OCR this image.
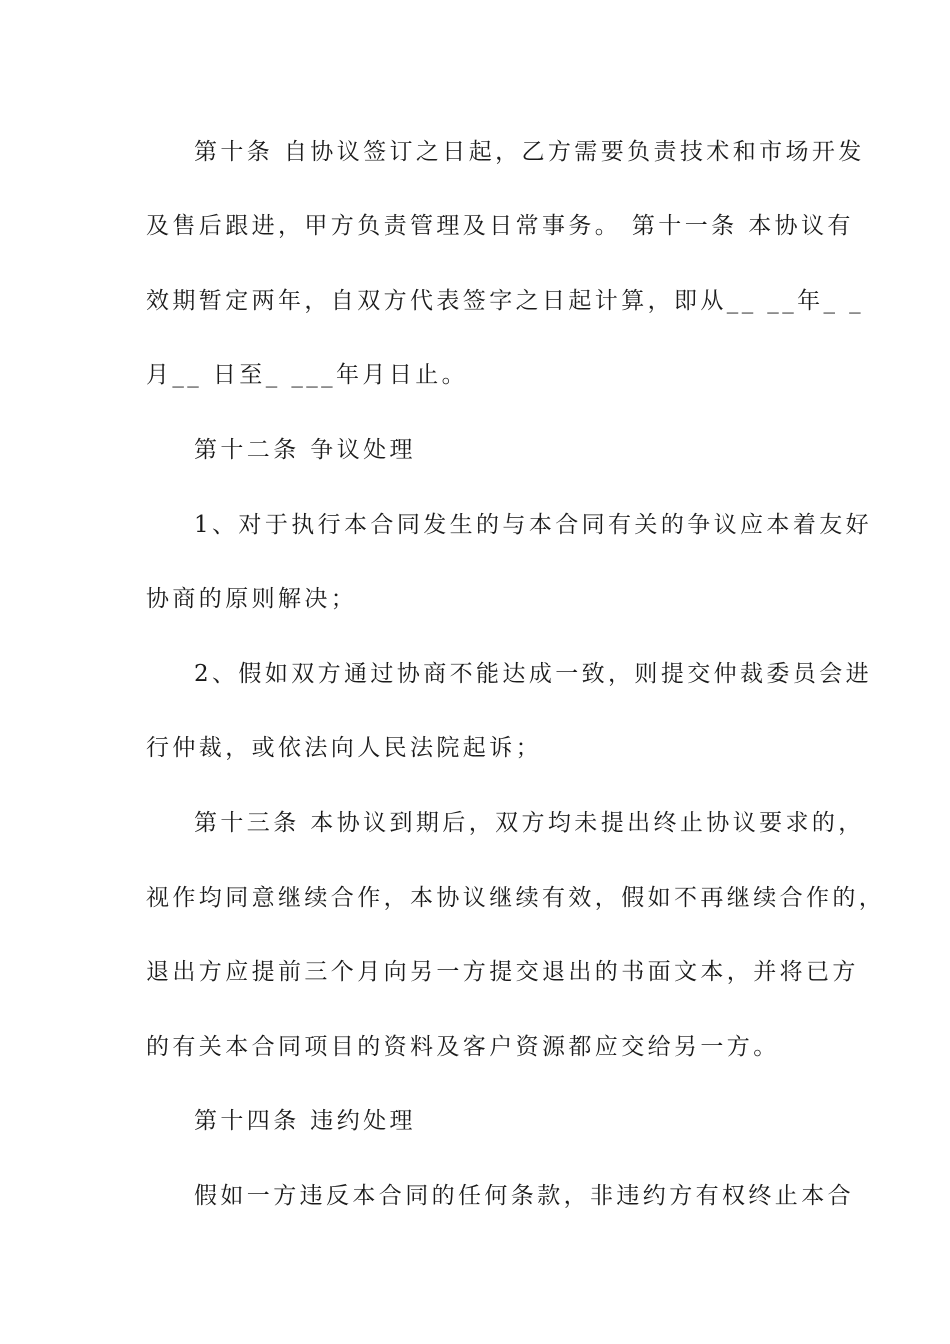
第十条 自协议签订之日起，乙方需要负责技术和市场开发
及售后跟进，甲方负责管理及日常事务。 第十一条 本协议有
效期暂定两年，自双方代表签字之日起计算，即从__ __年_ _
月__ 日至_ ___年月日止。
第十二条 争议处理
1、对于执行本合同发生的与本合同有关的争议应本着友好
协商的原则解决；
2、假如双方通过协商不能达成一致，则提交仲裁委员会进
行仲裁，或依法向人民法院起诉；
第十三条 本协议到期后，双方均未提出终止协议要求的，
视作均同意继续合作，本协议继续有效，假如不再继续合作的，
退出方应提前三个月向另一方提交退出的书面文本，并将已方
的有关本合同项目的资料及客户资源都应交给另一方。
第十四条 违约处理
假如一方违反本合同的任何条款，非违约方有权终止本合
